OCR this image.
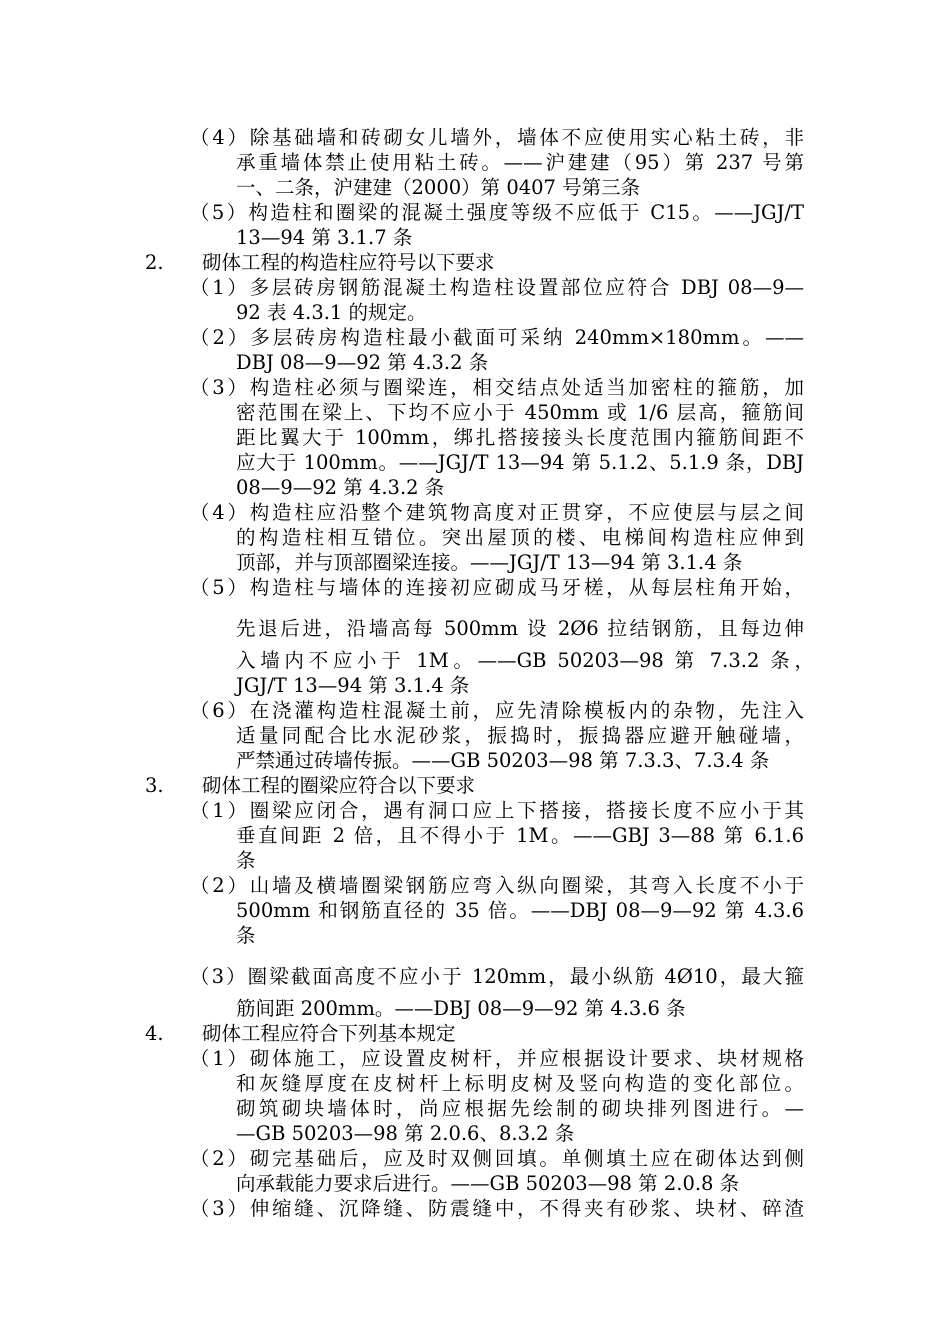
（4）除基础墙和砖砌女儿墙外，墙体不应使用实心粘土砖，非
承重墙体禁止使用粘土砖。——沪建建（95）第 237 号第
一、二条，沪建建（2000）第 0407 号第三条
（5）构造柱和圈梁的混凝土强度等级不应低于 C15。——JGJ/T
13—94 第 3.1.7 条
2. 砌体工程的构造柱应符号以下要求
（1）多层砖房钢筋混凝土构造柱设置部位应符合 DBJ 08—9—
92 表 4.3.1 的规定。
（2）多层砖房构造柱最小截面可采纳 240mm×180mm。——
DBJ 08—9—92 第 4.3.2 条
（3）构造柱必须与圈梁连，相交结点处适当加密柱的箍筋，加
密范围在梁上、下均不应小于 450mm 或 1/6 层高，箍筋间
距比翼大于 100mm，绑扎搭接接头长度范围内箍筋间距不
应大于 100mm。——JGJ/T 13—94 第 5.1.2、5.1.9 条，DBJ
08—9—92 第 4.3.2 条
（4）构造柱应沿整个建筑物高度对正贯穿，不应使层与层之间
的构造柱相互错位。突出屋顶的楼、电梯间构造柱应伸到
顶部，并与顶部圈梁连接。——JGJ/T 13—94 第 3.1.4 条
（5）构造柱与墙体的连接初应砌成马牙槎，从每层柱角开始，
先退后进，沿墙高每 500mm 设 2Ø6 拉结钢筋，且每边伸
入墙内不应小于 1M。——GB 50203—98 第 7.3.2 条，
JGJ/T 13—94 第 3.1.4 条
（6）在浇灌构造柱混凝土前，应先清除模板内的杂物，先注入
适量同配合比水泥砂浆，振捣时，振捣器应避开触碰墙，
严禁通过砖墙传振。——GB 50203—98 第 7.3.3、7.3.4 条
3. 砌体工程的圈梁应符合以下要求
（1）圈梁应闭合，遇有洞口应上下搭接，搭接长度不应小于其
垂直间距 2 倍，且不得小于 1M。——GBJ 3—88 第 6.1.6
条
（2）山墙及横墙圈梁钢筋应弯入纵向圈梁，其弯入长度不小于
500mm 和钢筋直径的 35 倍。——DBJ 08—9—92 第 4.3.6
条
（3）圈梁截面高度不应小于 120mm，最小纵筋 4Ø10，最大箍
筋间距 200mm。——DBJ 08—9—92 第 4.3.6 条
4. 砌体工程应符合下列基本规定
（1）砌体施工，应设置皮树杆，并应根据设计要求、块材规格
和灰缝厚度在皮树杆上标明皮树及竖向构造的变化部位。
砌筑砌块墙体时，尚应根据先绘制的砌块排列图进行。—
—GB 50203—98 第 2.0.6、8.3.2 条
（2）砌完基础后，应及时双侧回填。单侧填土应在砌体达到侧
向承载能力要求后进行。——GB 50203—98 第 2.0.8 条
（3）伸缩缝、沉降缝、防震缝中，不得夹有砂浆、块材、碎渣
